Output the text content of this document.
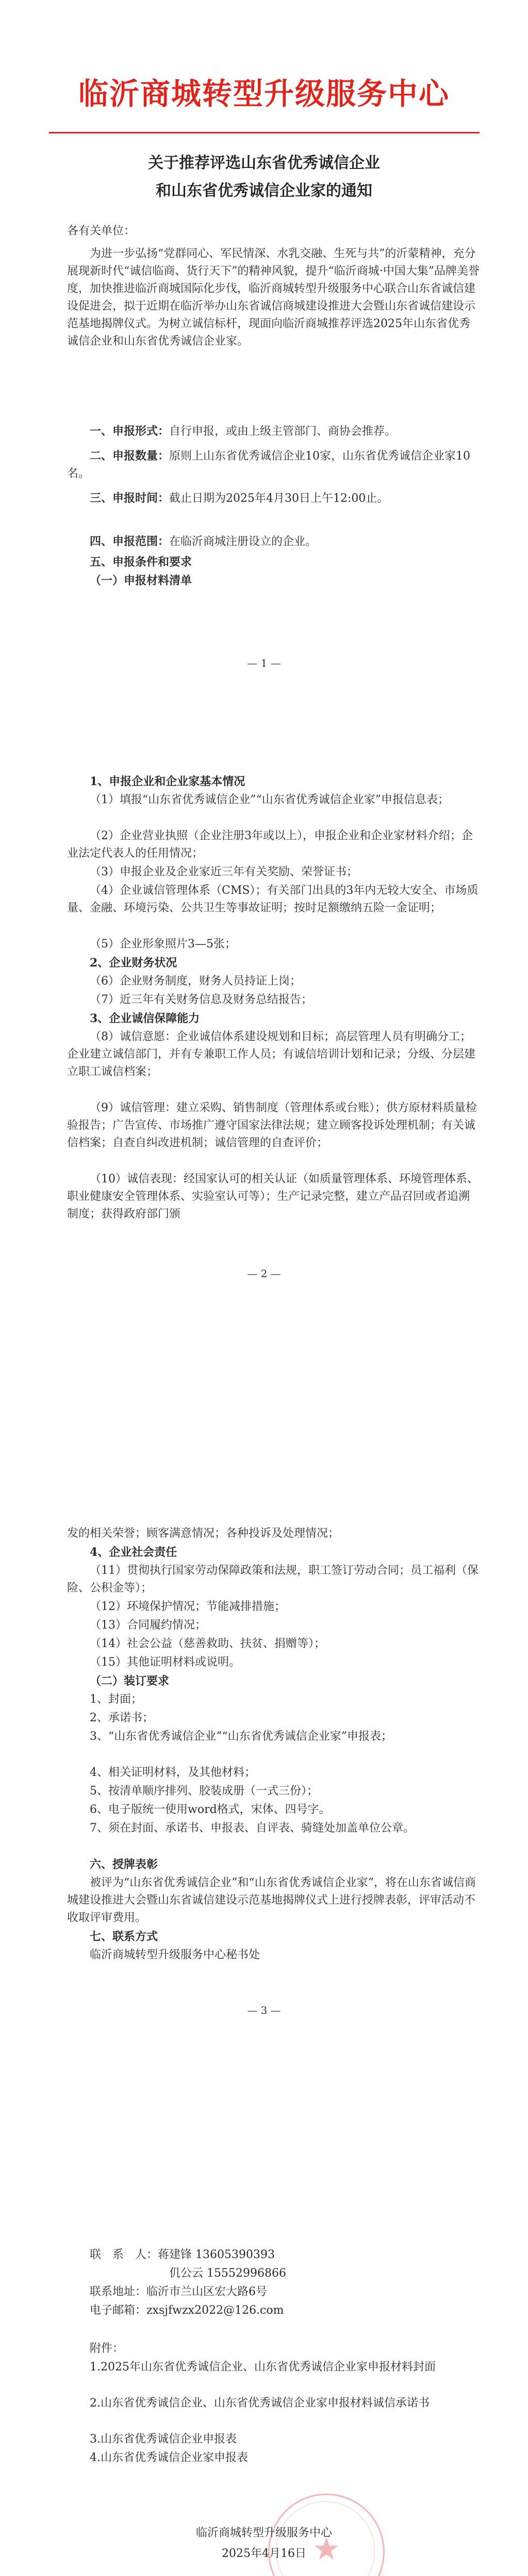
临沂商城转型升级服务中心
关于推荐评选山东省优秀诚信企业
和山东省优秀诚信企业家的通知

各有关单位：

为进一步弘扬“党群同心、军民情深、水乳交融、生死与共”的沂蒙精神，充分展现新时代“诚信临商、货行天下”的精神风貌，提升“临沂商城·中国大集”品牌美誉度，加快推进临沂商城国际化步伐，临沂商城转型升级服务中心联合山东省诚信建设促进会，拟于近期在临沂举办山东省诚信商城建设推进大会暨山东省诚信建设示范基地揭牌仪式。为树立诚信标杆，现面向临沂商城推荐评选2025年山东省优秀诚信企业和山东省优秀诚信企业家。

一、申报形式：自行申报，或由上级主管部门、商协会推荐。

二、申报数量：原则上山东省优秀诚信企业10家，山东省优秀诚信企业家10名。

三、申报时间：截止日期为2025年4月30日上午12:00止。

四、申报范围：在临沂商城注册设立的企业。

五、申报条件和要求

（一）申报材料清单

— 1 —

1、申报企业和企业家基本情况

（1）填报“山东省优秀诚信企业”“山东省优秀诚信企业家”申报信息表；

（2）企业营业执照（企业注册3年或以上），申报企业和企业家材料介绍；企业法定代表人的任用情况；

（3）申报企业及企业家近三年有关奖励、荣誉证书；

（4）企业诚信管理体系（CMS）；有关部门出具的3年内无较大安全、市场质量、金融、环境污染、公共卫生等事故证明；按时足额缴纳五险一金证明；

（5）企业形象照片3—5张；

2、企业财务状况

（6）企业财务制度，财务人员持证上岗；

（7）近三年有关财务信息及财务总结报告；

3、企业诚信保障能力

（8）诚信意愿：企业诚信体系建设规划和目标；高层管理人员有明确分工；企业建立诚信部门，并有专兼职工作人员；有诚信培训计划和记录；分级、分层建立职工诚信档案；

（9）诚信管理：建立采购、销售制度（管理体系或台账）；供方原材料质量检验报告；广告宣传、市场推广遵守国家法律法规；建立顾客投诉处理机制；有关诚信档案；自查自纠改进机制；诚信管理的自查评价；

（10）诚信表现：经国家认可的相关认证（如质量管理体系、环境管理体系、职业健康安全管理体系、实验室认可等）；生产记录完整，建立产品召回或者追溯制度；获得政府部门颁

— 2 —

发的相关荣誉；顾客满意情况；各种投诉及处理情况；

4、企业社会责任

（11）贯彻执行国家劳动保障政策和法规，职工签订劳动合同；员工福利（保险、公积金等）；

（12）环境保护情况；节能减排措施；

（13）合同履约情况；

（14）社会公益（慈善救助、扶贫、捐赠等）；

（15）其他证明材料或说明。

（二）装订要求

1、封面；

2、承诺书；

3、“山东省优秀诚信企业”“山东省优秀诚信企业家”申报表；

4、相关证明材料，及其他材料；

5、按清单顺序排列、胶装成册（一式三份）；

6、电子版统一使用word格式，宋体、四号字。

7、须在封面、承诺书、申报表、自评表、骑缝处加盖单位公章。

六、授牌表彰

被评为“山东省优秀诚信企业”和“山东省优秀诚信企业家”，将在山东省诚信商城建设推进大会暨山东省诚信建设示范基地揭牌仪式上进行授牌表彰，评审活动不收取评审费用。

七、联系方式

临沂商城转型升级服务中心秘书处

— 3 —

联　系　人：蒋建锋 13605390393

仉公云 15552996866

联系地址：临沂市兰山区宏大路6号

电子邮箱：zxsjfwzx2022@126.com

附件：

1.2025年山东省优秀诚信企业、山东省优秀诚信企业家申报材料封面

2.山东省优秀诚信企业、山东省优秀诚信企业家申报材料诚信承诺书

3.山东省优秀诚信企业申报表

4.山东省优秀诚信企业家申报表

★

临沂商城转型升级服务中心

2025年4月16日
